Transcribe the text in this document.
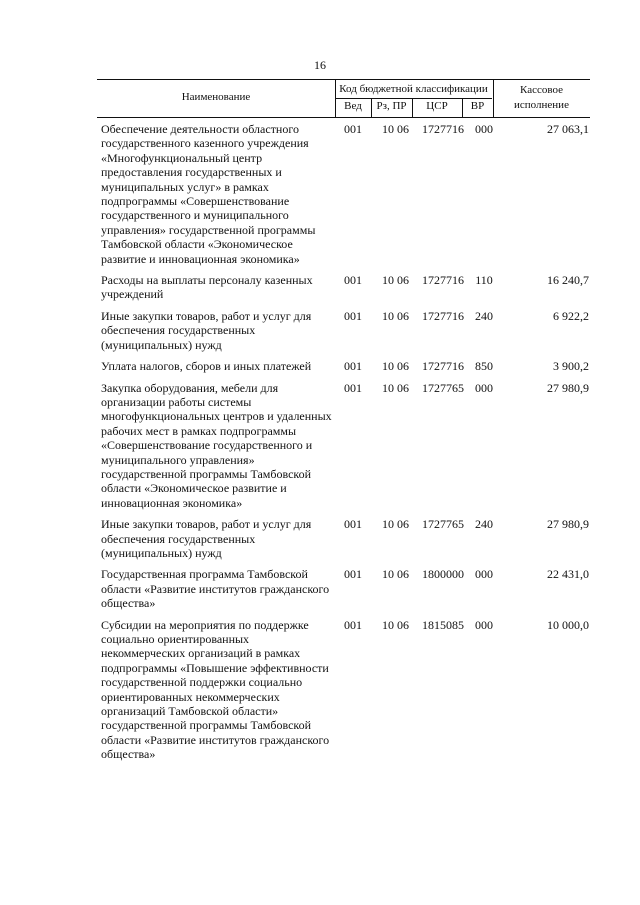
16
Наименование
Код бюджетной классификации
Вед	Рз, ПР	ЦСР	ВР
Кассовое исполнение
Обеспечение деятельности областного государственного казенного учреждения «Многофункциональный центр предоставления государственных и муниципальных услуг» в рамках подпрограммы «Совершенствование государственного и муниципального управления» государственной программы Тамбовской области «Экономическое развитие и инновационная экономика»
001	10 06	1727716 000	27 063,1
Расходы на выплаты персоналу казенных учреждений
001	10 06	1727716 110	16 240,7
Иные закупки товаров, работ и услуг для обеспечения государственных (муниципальных) нужд
001	10 06	1727716 240	6 922,2
Уплата налогов, сборов и иных платежей	001	10 06	1727716 850	3 900,2
Закупка оборудования, мебели для организации работы системы многофункциональных центров и удаленных рабочих мест в рамках подпрограммы «Совершенствование государственного и муниципального управления» государственной программы Тамбовской области «Экономическое развитие и инновационная экономика»
001	10 06	1727765 000	27 980,9
Иные закупки товаров, работ и услуг для обеспечения государственных (муниципальных) нужд
001	10 06	1727765 240	27 980,9
Государственная программа Тамбовской области «Развитие институтов гражданского общества»
001	10 06	1800000 000	22 431,0
Субсидии на мероприятия по поддержке социально ориентированных некоммерческих организаций в рамках подпрограммы «Повышение эффективности государственной поддержки социально ориентированных некоммерческих организаций Тамбовской области» государственной программы Тамбовской области «Развитие институтов гражданского общества»
001	10 06	1815085 000	10 000,0
